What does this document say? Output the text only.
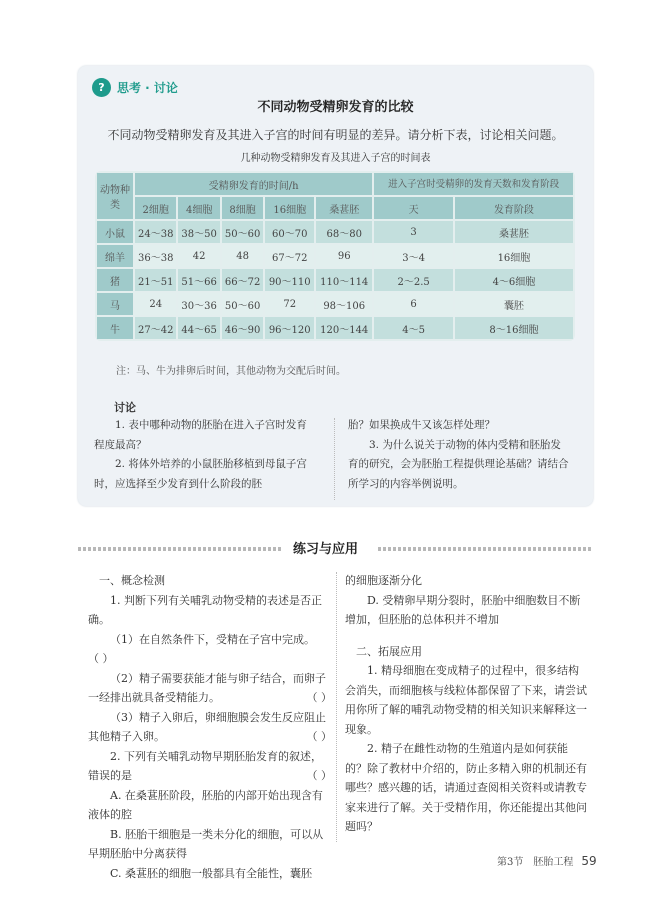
?	思考 · 讨论
不同动物受精卵发育的比较
不同动物受精卵发育及其进入子宫的时间有明显的差异。请分析下表，讨论相关问题。
几种动物受精卵发育及其进入子宫的时间表
动物种类	受精卵发育的时间/h					进入子宫时受精卵的发育天数和发育阶段	
	2细胞	4细胞	8细胞	16细胞	桑葚胚	天	发育阶段
小鼠	24～38	38～50	50～60	60～70	68～80	3	桑葚胚
绵羊	36～38	42	48	67～72	96	3～4	16细胞
猪	21～51	51～66	66～72	90～110	110～114	2～2.5	4～6细胞
马	24	30～36	50～60	72	98～106	6	囊胚
牛	27～42	44～65	46～90	96～120	120～144	4～5	8～16细胞
注：马、牛为排卵后时间，其他动物为交配后时间。
讨论

1. 表中哪种动物的胚胎在进入子宫时发育程度最高？

2. 将体外培养的小鼠胚胎移植到母鼠子宫时，应选择至少发育到什么阶段的胚

胎？如果换成牛又该怎样处理？

3. 为什么说关于动物的体内受精和胚胎发育的研究，会为胚胎工程提供理论基础？请结合所学习的内容举例说明。

练习与应用
一、概念检测

1. 判断下列有关哺乳动物受精的表述是否正确。

（1）在自然条件下，受精在子宫中完成。（ ）

（2）精子需要获能才能与卵子结合，而卵子一经排出就具备受精能力。	（ ）

（3）精子入卵后，卵细胞膜会发生反应阻止其他精子入卵。	（ ）

2. 下列有关哺乳动物早期胚胎发育的叙述，错误的是	（ ）

A. 在桑葚胚阶段，胚胎的内部开始出现含有液体的腔

B. 胚胎干细胞是一类未分化的细胞，可以从早期胚胎中分离获得

C. 桑葚胚的细胞一般都具有全能性，囊胚

的细胞逐渐分化

D. 受精卵早期分裂时，胚胎中细胞数目不断增加，但胚胎的总体积并不增加

二、拓展应用

1. 精母细胞在变成精子的过程中，很多结构会消失，而细胞核与线粒体都保留了下来，请尝试用你所了解的哺乳动物受精的相关知识来解释这一现象。

2. 精子在雌性动物的生殖道内是如何获能的？除了教材中介绍的，防止多精入卵的机制还有哪些？感兴趣的话，请通过查阅相关资料或请教专家来进行了解。关于受精作用，你还能提出其他问题吗？

第3节　胚胎工程 59
